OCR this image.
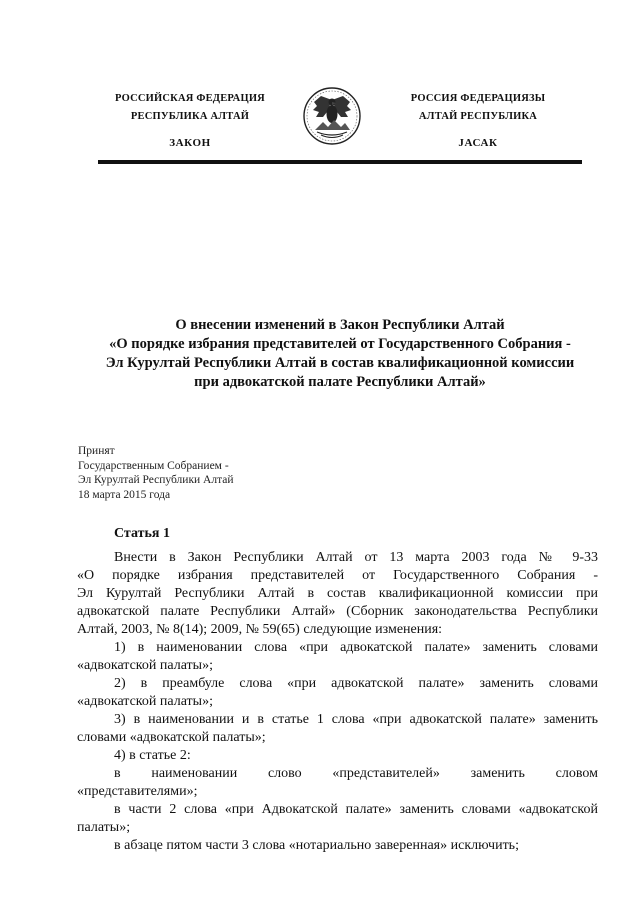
РОССИЙСКАЯ ФЕДЕРАЦИЯ
РЕСПУБЛИКА АЛТАЙ
ЗАКОН
РОССИЯ ФЕДЕРАЦИЯЗЫ
АЛТАЙ РЕСПУБЛИКА
JАСАК
О внесении изменений в Закон Республики Алтай
«О порядке избрания представителей от Государственного Собрания -
Эл Курултай Республики Алтай в состав квалификационной комиссии
при адвокатской палате Республики Алтай»
Принят
Государственным Собранием -
Эл Курултай Республики Алтай
18 марта 2015 года
Статья 1
Внести в Закон Республики Алтай от 13 марта 2003 года № 9-33
«О порядке избрания представителей от Государственного Собрания -
Эл Курултай Республики Алтай в состав квалификационной комиссии при
адвокатской палате Республики Алтай» (Сборник законодательства Республики
Алтай, 2003, № 8(14); 2009, № 59(65) следующие изменения:
1) в наименовании слова «при адвокатской палате» заменить словами
«адвокатской палаты»;
2) в преамбуле слова «при адвокатской палате» заменить словами
«адвокатской палаты»;
3) в наименовании и в статье 1 слова «при адвокатской палате» заменить
словами «адвокатской палаты»;
4) в статье 2:
в наименовании слово «представителей» заменить словом
«представителями»;
в части 2 слова «при Адвокатской палате» заменить словами «адвокатской
палаты»;
в абзаце пятом части 3 слова «нотариально заверенная» исключить;
